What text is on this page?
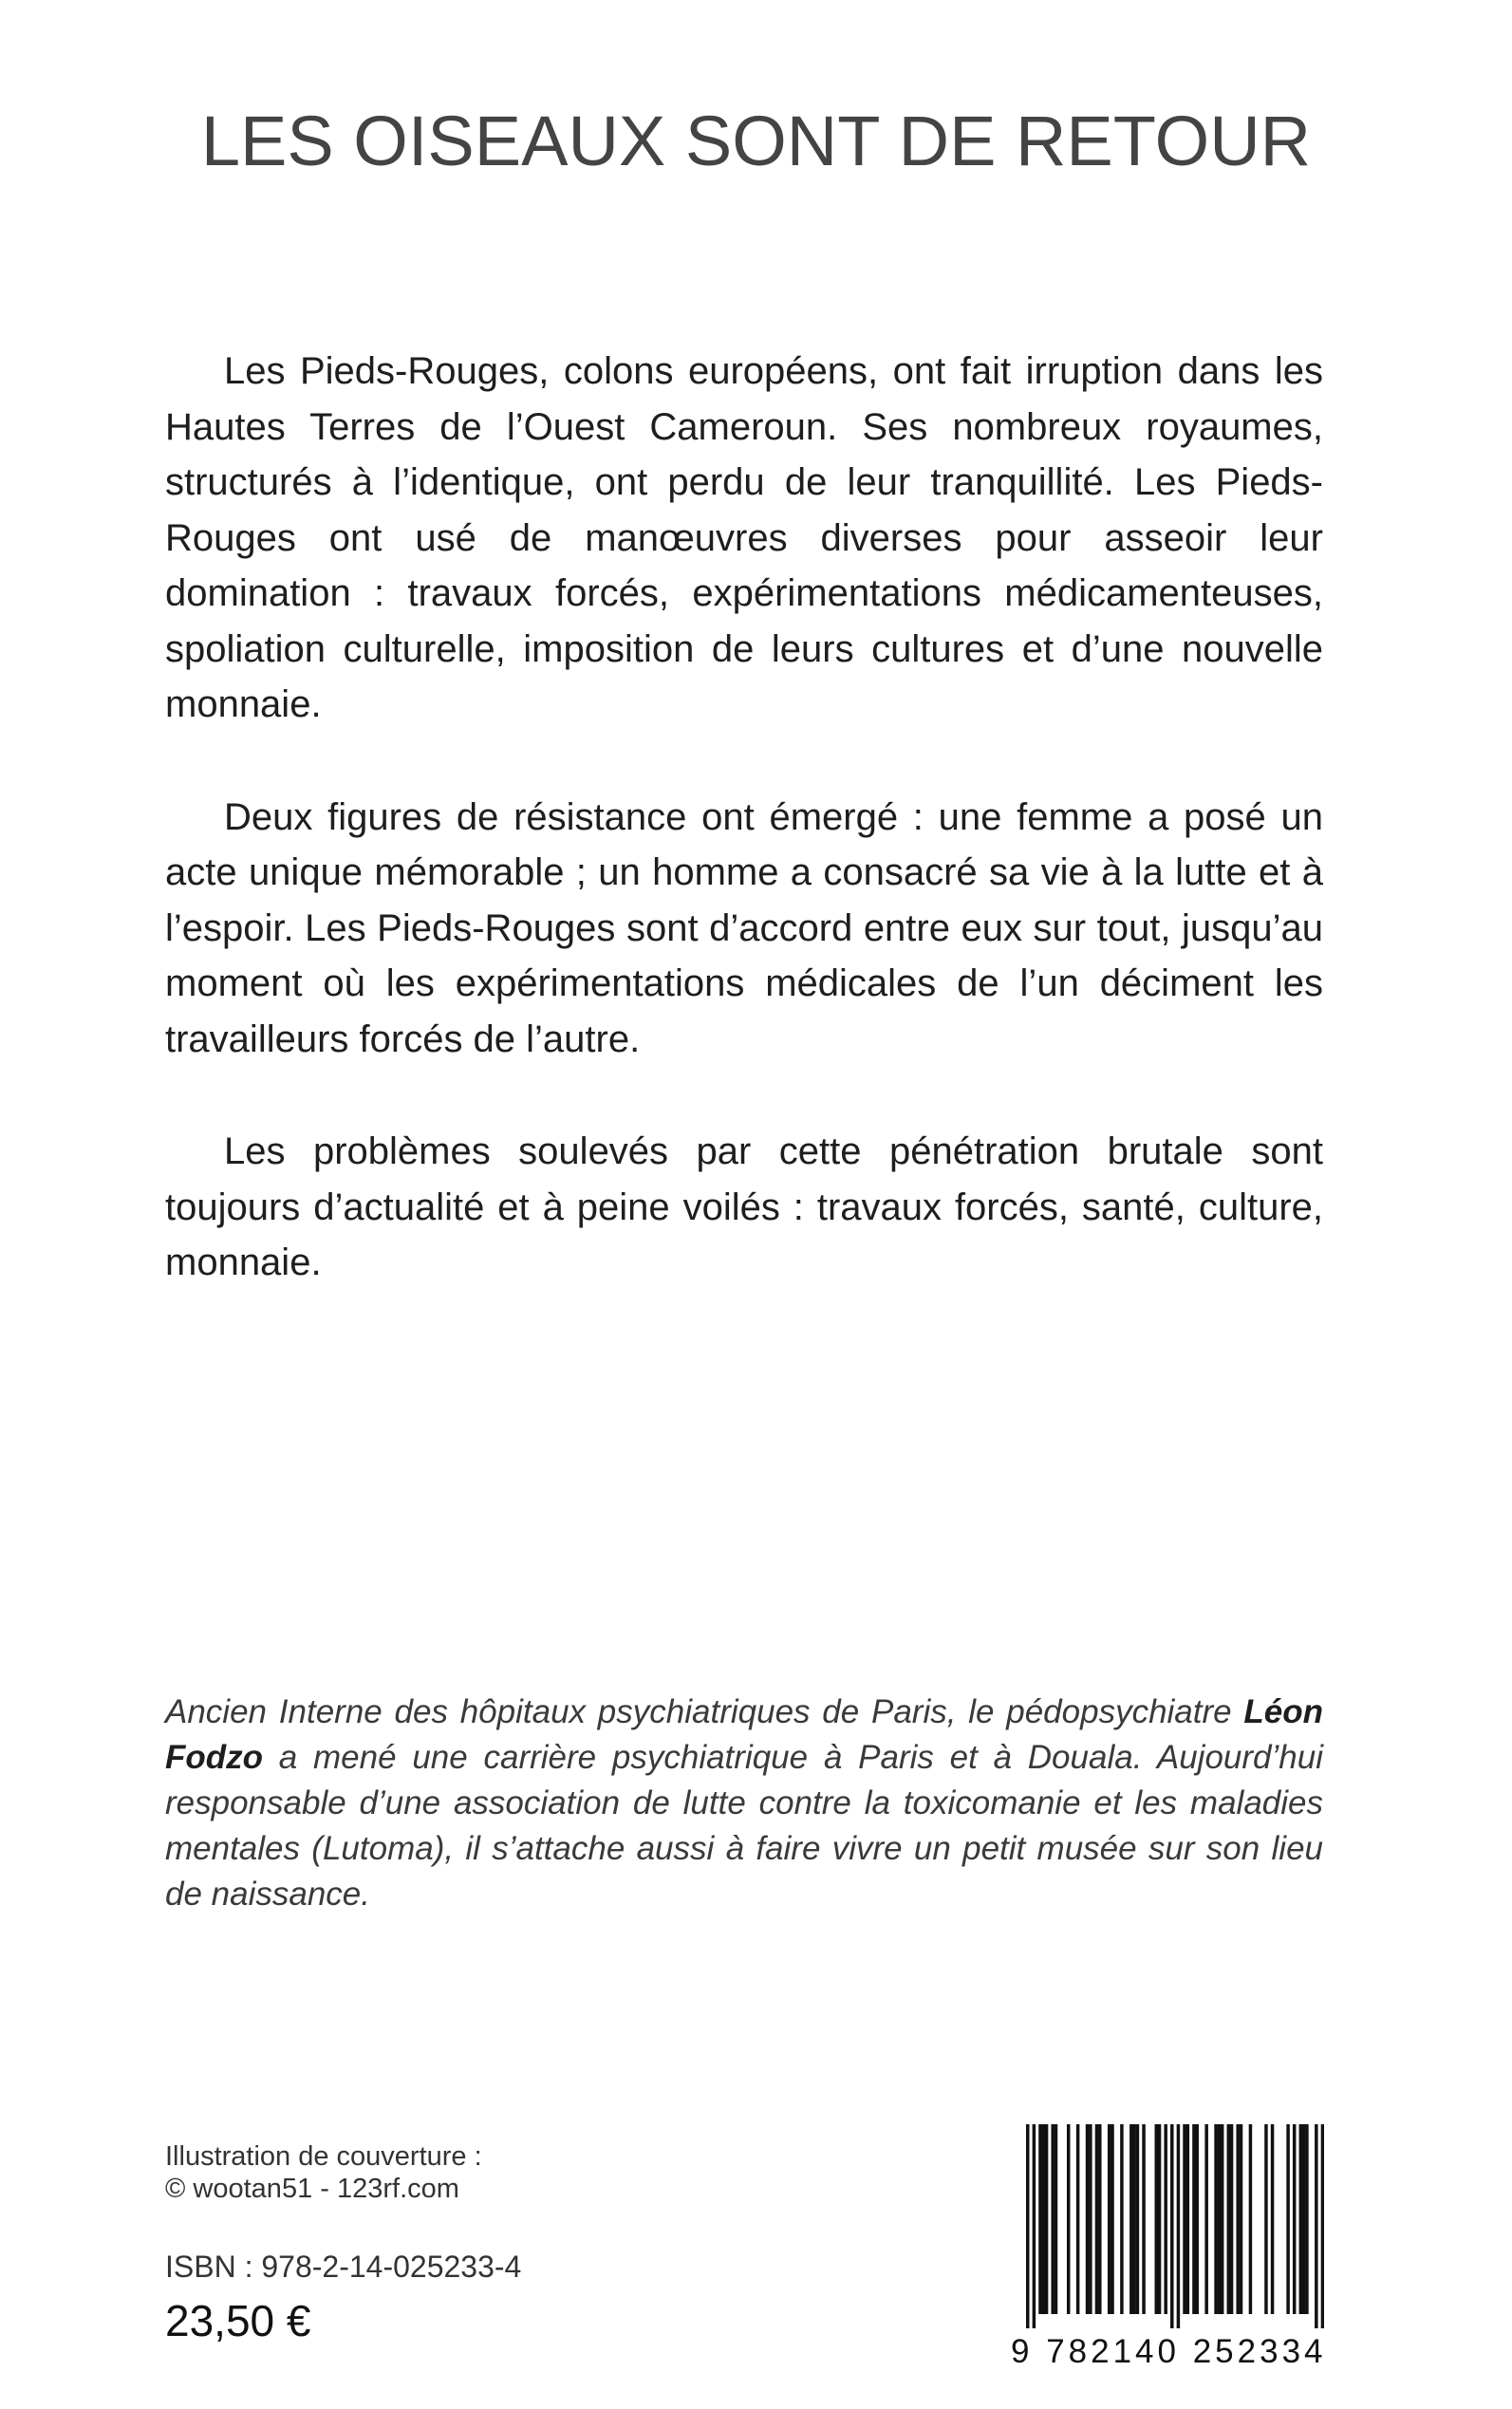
LES OISEAUX SONT DE RETOUR

Les Pieds-Rouges, colons européens, ont fait irruption dans les Hautes Terres de l’Ouest Cameroun. Ses nombreux royaumes, structurés à l’identique, ont perdu de leur tranquillité. Les Pieds-Rouges ont usé de manœuvres diverses pour asseoir leur domination : travaux forcés, expérimentations médicamenteuses, spoliation culturelle, imposition de leurs cultures et d’une nouvelle monnaie.

Deux figures de résistance ont émergé : une femme a posé un acte unique mémorable ; un homme a consacré sa vie à la lutte et à l’espoir. Les Pieds-Rouges sont d’accord entre eux sur tout, jusqu’au moment où les expérimentations médicales de l’un déciment les travailleurs forcés de l’autre.

Les problèmes soulevés par cette pénétration brutale sont toujours d’actualité et à peine voilés : travaux forcés, santé, culture, monnaie.

Ancien Interne des hôpitaux psychiatriques de Paris, le pédopsychiatre Léon Fodzo a mené une carrière psychiatrique à Paris et à Douala. Aujourd’hui responsable d’une association de lutte contre la toxicomanie et les maladies mentales (Lutoma), il s’attache aussi à faire vivre un petit musée sur son lieu de naissance.

Illustration de couverture :
© wootan51 - 123rf.com
ISBN : 978-2-14-025233-4
23,50 €
9 782140 252334
